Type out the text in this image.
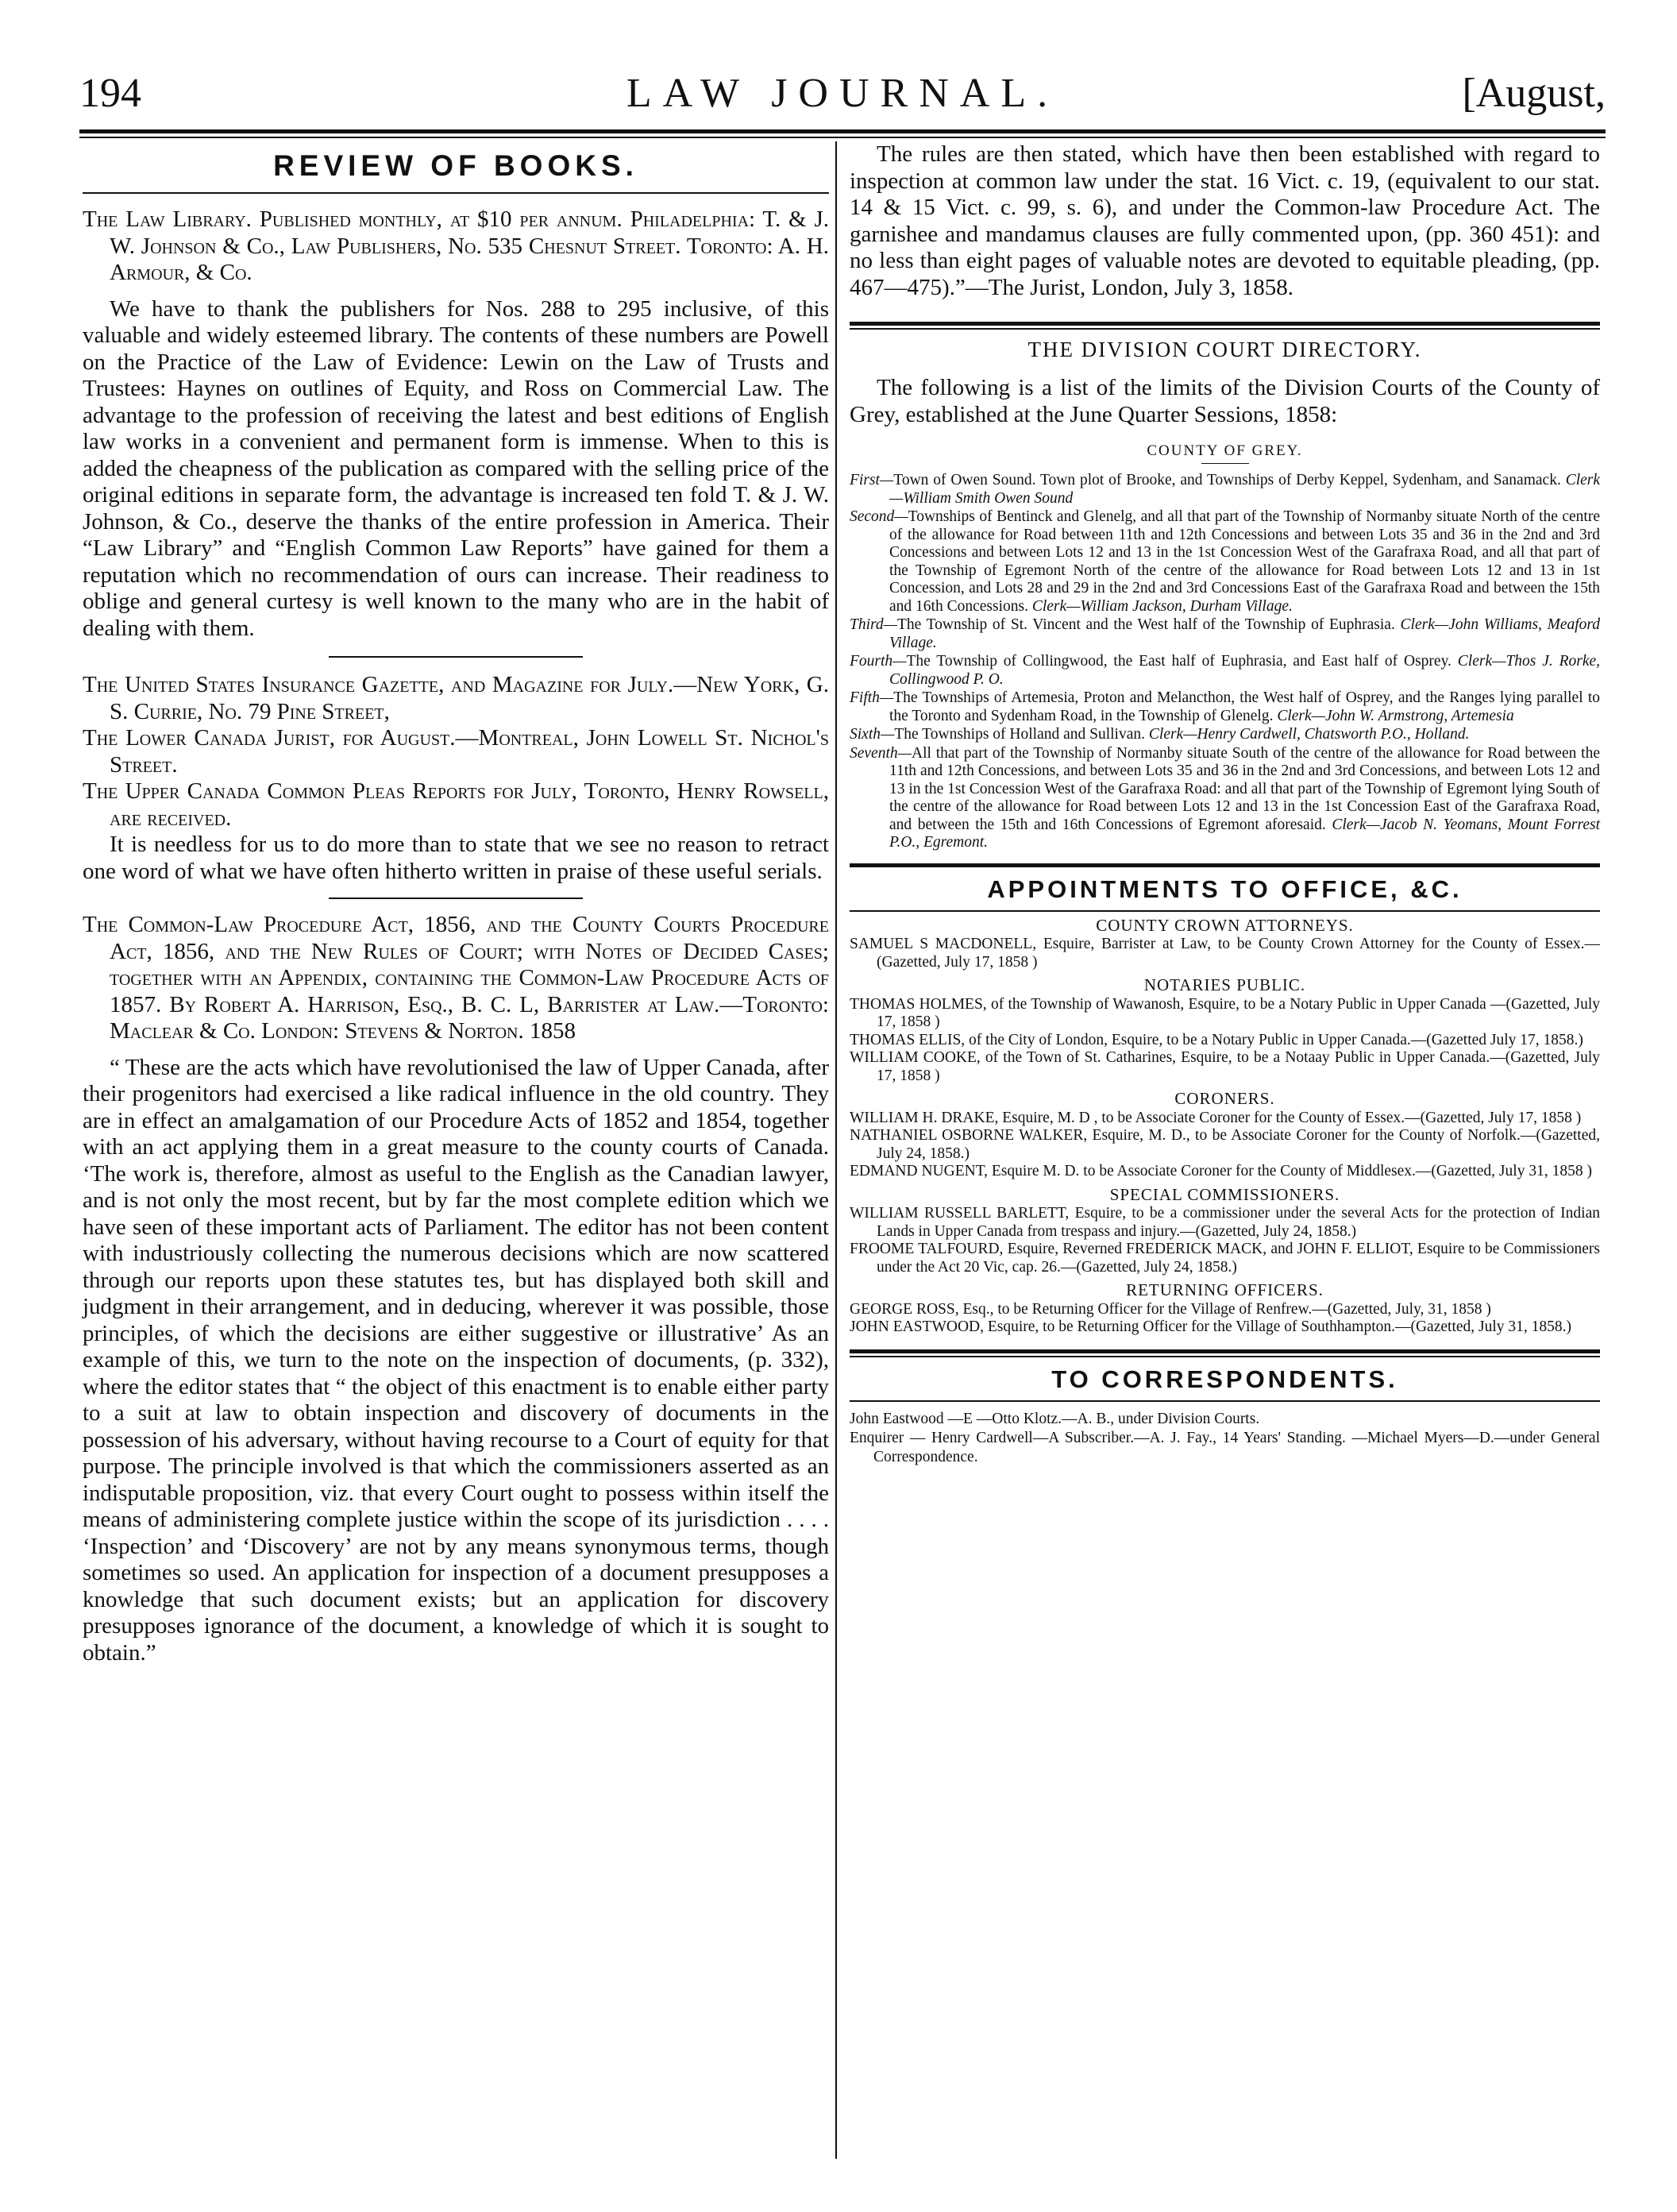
194	LAW JOURNAL.	[August,
REVIEW OF BOOKS.

The Law Library. Published monthly, at $10 per annum. Philadelphia: T. & J. W. Johnson & Co., Law Publishers, No. 535 Chesnut Street. Toronto: A. H. Armour, & Co.

We have to thank the publishers for Nos. 288 to 295 inclusive, of this valuable and widely esteemed library. The contents of these numbers are Powell on the Practice of the Law of Evidence: Lewin on the Law of Trusts and Trustees: Haynes on outlines of Equity, and Ross on Commercial Law. The advantage to the profession of receiving the latest and best editions of English law works in a convenient and permanent form is immense. When to this is added the cheapness of the publication as compared with the selling price of the original editions in separate form, the advantage is increased ten fold T. & J. W. Johnson, & Co., deserve the thanks of the entire profession in America. Their “Law Library” and “English Common Law Reports” have gained for them a reputation which no recommendation of ours can increase. Their readiness to oblige and general curtesy is well known to the many who are in the habit of dealing with them.

The United States Insurance Gazette, and Magazine for July.—New York, G. S. Currie, No. 79 Pine Street,

The Lower Canada Jurist, for August.—Montreal, John Lowell St. Nichol's Street.

The Upper Canada Common Pleas Reports for July, Toronto, Henry Rowsell, are received.

It is needless for us to do more than to state that we see no reason to retract one word of what we have often hitherto written in praise of these useful serials.

The Common-Law Procedure Act, 1856, and the County Courts Procedure Act, 1856, and the New Rules of Court; with Notes of Decided Cases; together with an Appendix, containing the Common-Law Procedure Acts of 1857. By Robert A. Harrison, Esq., B. C. L, Barrister at Law.—Toronto: Maclear & Co. London: Stevens & Norton. 1858

“ These are the acts which have revolutionised the law of Upper Canada, after their progenitors had exercised a like radical influence in the old country. They are in effect an amalgamation of our Procedure Acts of 1852 and 1854, together with an act applying them in a great measure to the county courts of Canada. ‘The work is, therefore, almost as useful to the English as the Canadian lawyer, and is not only the most recent, but by far the most complete edition which we have seen of these important acts of Parliament. The editor has not been content with industriously collecting the numerous decisions which are now scattered through our reports upon these statutes tes, but has displayed both skill and judgment in their arrangement, and in deducing, wherever it was possible, those principles, of which the decisions are either suggestive or illustrative’ As an example of this, we turn to the note on the inspection of documents, (p. 332), where the editor states that “ the object of this enactment is to enable either party to a suit at law to obtain inspection and discovery of documents in the possession of his adversary, without having recourse to a Court of equity for that purpose. The principle involved is that which the commissioners asserted as an indisputable proposition, viz. that every Court ought to possess within itself the means of administering complete justice within the scope of its jurisdiction . . . . ‘Inspection’ and ‘Discovery’ are not by any means synonymous terms, though sometimes so used. An application for inspection of a document presupposes a knowledge that such document exists; but an application for discovery presupposes ignorance of the document, a knowledge of which it is sought to obtain.”

The rules are then stated, which have then been established with regard to inspection at common law under the stat. 16 Vict. c. 19, (equivalent to our stat. 14 & 15 Vict. c. 99, s. 6), and under the Common-law Procedure Act. The garnishee and mandamus clauses are fully commented upon, (pp. 360 451): and no less than eight pages of valuable notes are devoted to equitable pleading, (pp. 467—475).”—The Jurist, London, July 3, 1858.

THE DIVISION COURT DIRECTORY.

The following is a list of the limits of the Division Courts of the County of Grey, established at the June Quarter Sessions, 1858:

COUNTY OF GREY.

First—Town of Owen Sound. Town plot of Brooke, and Townships of Derby Keppel, Sydenham, and Sanamack. Clerk—William Smith Owen Sound

Second—Townships of Bentinck and Glenelg, and all that part of the Township of Normanby situate North of the centre of the allowance for Road between 11th and 12th Concessions and between Lots 35 and 36 in the 2nd and 3rd Concessions and between Lots 12 and 13 in the 1st Concession West of the Garafraxa Road, and all that part of the Township of Egremont North of the centre of the allowance for Road between Lots 12 and 13 in 1st Concession, and Lots 28 and 29 in the 2nd and 3rd Concessions East of the Garafraxa Road and between the 15th and 16th Concessions. Clerk—William Jackson, Durham Village.

Third—The Township of St. Vincent and the West half of the Township of Euphrasia. Clerk—John Williams, Meaford Village.

Fourth—The Township of Collingwood, the East half of Euphrasia, and East half of Osprey. Clerk—Thos J. Rorke, Collingwood P. O.

Fifth—The Townships of Artemesia, Proton and Melancthon, the West half of Osprey, and the Ranges lying parallel to the Toronto and Sydenham Road, in the Township of Glenelg. Clerk—John W. Armstrong, Artemesia

Sixth—The Townships of Holland and Sullivan. Clerk—Henry Cardwell, Chatsworth P.O., Holland.

Seventh—All that part of the Township of Normanby situate South of the centre of the allowance for Road between the 11th and 12th Concessions, and between Lots 35 and 36 in the 2nd and 3rd Concessions, and between Lots 12 and 13 in the 1st Concession West of the Garafraxa Road: and all that part of the Township of Egremont lying South of the centre of the allowance for Road between Lots 12 and 13 in the 1st Concession East of the Garafraxa Road, and between the 15th and 16th Concessions of Egremont aforesaid. Clerk—Jacob N. Yeomans, Mount Forrest P.O., Egremont.

APPOINTMENTS TO OFFICE, &C.

COUNTY CROWN ATTORNEYS.

SAMUEL S MACDONELL, Esquire, Barrister at Law, to be County Crown Attorney for the County of Essex.—(Gazetted, July 17, 1858 )

NOTARIES PUBLIC.

THOMAS HOLMES, of the Township of Wawanosh, Esquire, to be a Notary Public in Upper Canada —(Gazetted, July 17, 1858 )

THOMAS ELLIS, of the City of London, Esquire, to be a Notary Public in Upper Canada.—(Gazetted July 17, 1858.)

WILLIAM COOKE, of the Town of St. Catharines, Esquire, to be a Notaay Public in Upper Canada.—(Gazetted, July 17, 1858 )

CORONERS.

WILLIAM H. DRAKE, Esquire, M. D , to be Associate Coroner for the County of Essex.—(Gazetted, July 17, 1858 )

NATHANIEL OSBORNE WALKER, Esquire, M. D., to be Associate Coroner for the County of Norfolk.—(Gazetted, July 24, 1858.)

EDMAND NUGENT, Esquire M. D. to be Associate Coroner for the County of Middlesex.—(Gazetted, July 31, 1858 )

SPECIAL COMMISSIONERS.

WILLIAM RUSSELL BARLETT, Esquire, to be a commissioner under the several Acts for the protection of Indian Lands in Upper Canada from trespass and injury.—(Gazetted, July 24, 1858.)

FROOME TALFOURD, Esquire, Reverned FREDERICK MACK, and JOHN F. ELLIOT, Esquire to be Commissioners under the Act 20 Vic, cap. 26.—(Gazetted, July 24, 1858.)

RETURNING OFFICERS.

GEORGE ROSS, Esq., to be Returning Officer for the Village of Renfrew.—(Gazetted, July, 31, 1858 )

JOHN EASTWOOD, Esquire, to be Returning Officer for the Village of Southhampton.—(Gazetted, July 31, 1858.)

TO CORRESPONDENTS.

John Eastwood —E —Otto Klotz.—A. B., under Division Courts.

Enquirer — Henry Cardwell—A Subscriber.—A. J. Fay., 14 Years' Standing. —Michael Myers—D.—under General Correspondence.
